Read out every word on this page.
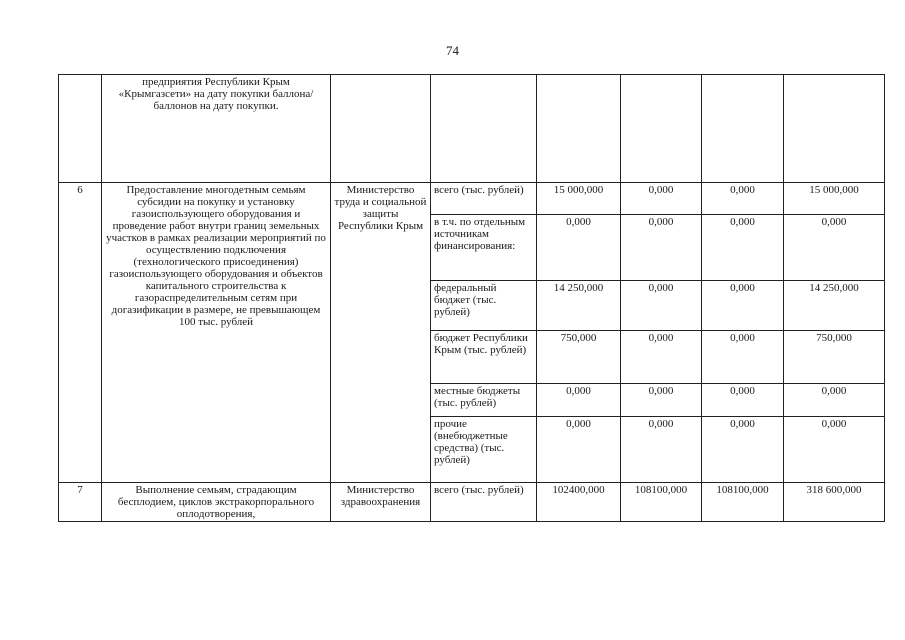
74
	предприятия Республики Крым «Крымгазсети» на дату покупки баллона/баллонов на дату покупки.						
6	Предоставление многодетным семьям субсидии на покупку и установку газоиспользующего оборудования и проведение работ внутри границ земельных участков в рамках реализации мероприятий по осуществлению подключения (технологического присоединения) газоиспользующего оборудования и объектов капитального строительства к газораспределительным сетям при догазификации в размере, не превышающем 100 тыс. рублей	Министерство труда и социальной защиты Республики Крым	всего (тыс. рублей)	15 000,000	0,000	0,000	15 000,000
			в т.ч. по отдельным источникам финансирования:	0,000	0,000	0,000	0,000
			федеральный бюджет (тыс. рублей)	14 250,000	0,000	0,000	14 250,000
			бюджет Республики Крым (тыс. рублей)	750,000	0,000	0,000	750,000
			местные бюджеты (тыс. рублей)	0,000	0,000	0,000	0,000
			прочие (внебюджетные средства) (тыс. рублей)	0,000	0,000	0,000	0,000
7	Выполнение семьям, страдающим бесплодием, циклов экстракорпорального оплодотворения,	Министерство здравоохранения	всего (тыс. рублей)	102400,000	108100,000	108100,000	318 600,000
